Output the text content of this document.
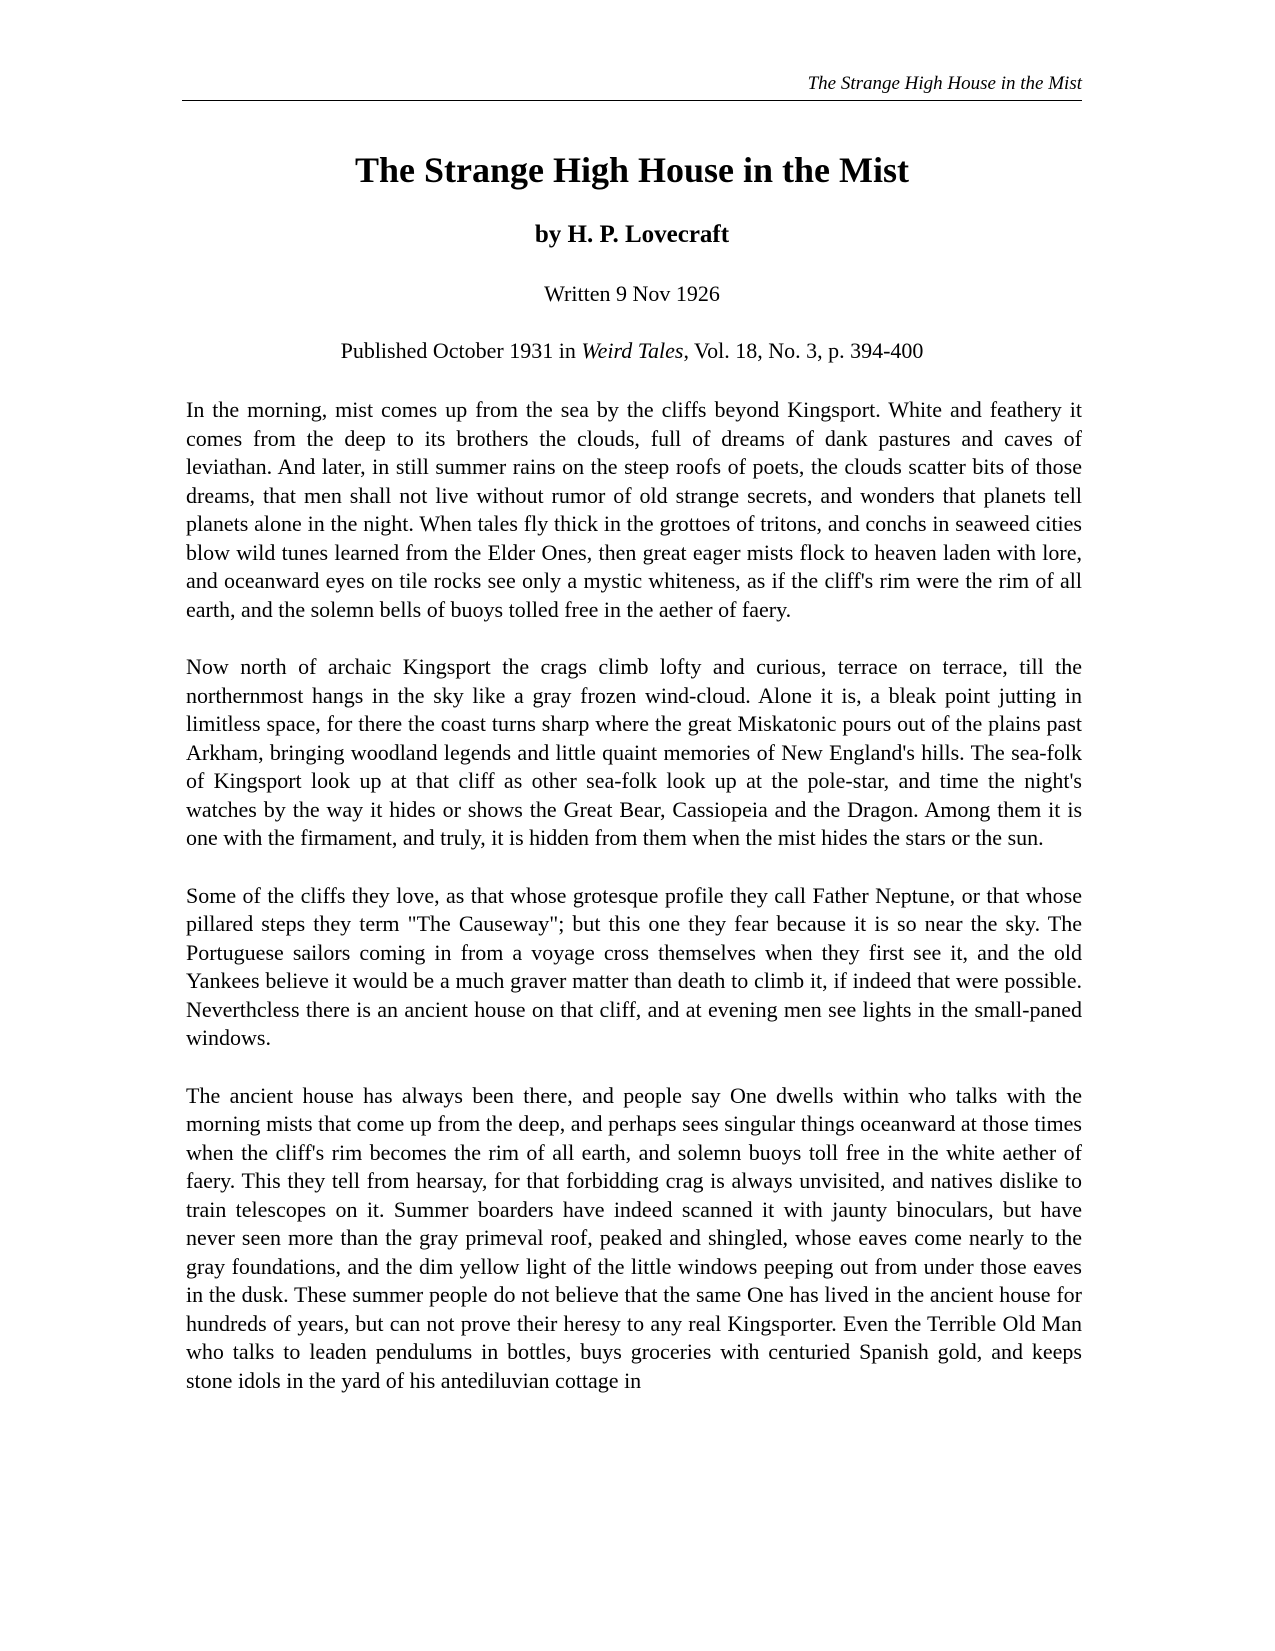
The Strange High House in the Mist
The Strange High House in the Mist
by H. P. Lovecraft

Written 9 Nov 1926

Published October 1931 in Weird Tales, Vol. 18, No. 3, p. 394-400

In the morning, mist comes up from the sea by the cliffs beyond Kingsport. White and feathery it comes from the deep to its brothers the clouds, full of dreams of dank pastures and caves of leviathan. And later, in still summer rains on the steep roofs of poets, the clouds scatter bits of those dreams, that men shall not live without rumor of old strange secrets, and wonders that planets tell planets alone in the night. When tales fly thick in the grottoes of tritons, and conchs in seaweed cities blow wild tunes learned from the Elder Ones, then great eager mists flock to heaven laden with lore, and oceanward eyes on tile rocks see only a mystic whiteness, as if the cliff's rim were the rim of all earth, and the solemn bells of buoys tolled free in the aether of faery.

Now north of archaic Kingsport the crags climb lofty and curious, terrace on terrace, till the northernmost hangs in the sky like a gray frozen wind-cloud. Alone it is, a bleak point jutting in limitless space, for there the coast turns sharp where the great Miskatonic pours out of the plains past Arkham, bringing woodland legends and little quaint memories of New England's hills. The sea-folk of Kingsport look up at that cliff as other sea-folk look up at the pole-star, and time the night's watches by the way it hides or shows the Great Bear, Cassiopeia and the Dragon. Among them it is one with the firmament, and truly, it is hidden from them when the mist hides the stars or the sun.

Some of the cliffs they love, as that whose grotesque profile they call Father Neptune, or that whose pillared steps they term "The Causeway"; but this one they fear because it is so near the sky. The Portuguese sailors coming in from a voyage cross themselves when they first see it, and the old Yankees believe it would be a much graver matter than death to climb it, if indeed that were possible. Neverthcless there is an ancient house on that cliff, and at evening men see lights in the small-paned windows.

The ancient house has always been there, and people say One dwells within who talks with the morning mists that come up from the deep, and perhaps sees singular things oceanward at those times when the cliff's rim becomes the rim of all earth, and solemn buoys toll free in the white aether of faery. This they tell from hearsay, for that forbidding crag is always unvisited, and natives dislike to train telescopes on it. Summer boarders have indeed scanned it with jaunty binoculars, but have never seen more than the gray primeval roof, peaked and shingled, whose eaves come nearly to the gray foundations, and the dim yellow light of the little windows peeping out from under those eaves in the dusk. These summer people do not believe that the same One has lived in the ancient house for hundreds of years, but can not prove their heresy to any real Kingsporter. Even the Terrible Old Man who talks to leaden pendulums in bottles, buys groceries with centuried Spanish gold, and keeps stone idols in the yard of his antediluvian cottage in
